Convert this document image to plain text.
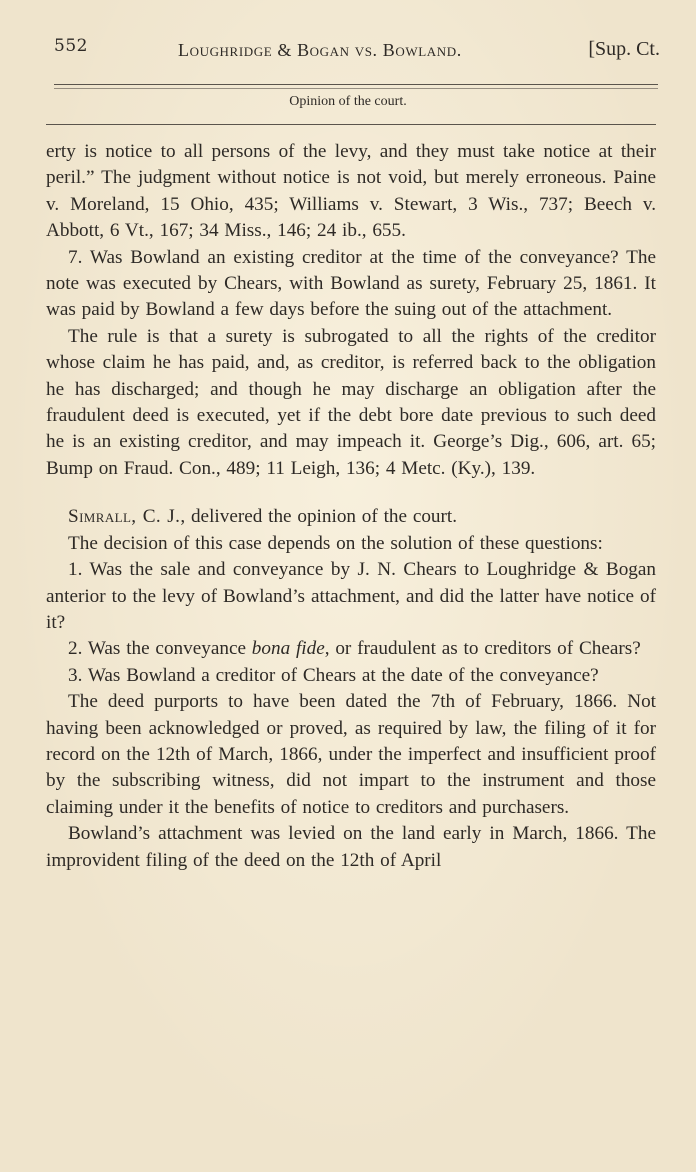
552	Loughridge & Bogan vs. Bowland.	[Sup. Ct.
Opinion of the court.

erty is notice to all persons of the levy, and they must take notice at their peril.” The judgment without notice is not void, but merely erroneous. Paine v. Moreland, 15 Ohio, 435; Williams v. Stewart, 3 Wis., 737; Beech v. Abbott, 6 Vt., 167; 34 Miss., 146; 24 ib., 655.

7. Was Bowland an existing creditor at the time of the conveyance? The note was executed by Chears, with Bowland as surety, February 25, 1861. It was paid by Bowland a few days before the suing out of the attachment.

The rule is that a surety is subrogated to all the rights of the creditor whose claim he has paid, and, as creditor, is referred back to the obligation he has discharged; and though he may discharge an obligation after the fraudulent deed is executed, yet if the debt bore date previous to such deed he is an existing creditor, and may impeach it. George’s Dig., 606, art. 65; Bump on Fraud. Con., 489; 11 Leigh, 136; 4 Metc. (Ky.), 139.

Simrall, C. J., delivered the opinion of the court.

The decision of this case depends on the solution of these questions:

1. Was the sale and conveyance by J. N. Chears to Loughridge & Bogan anterior to the levy of Bowland’s attachment, and did the latter have notice of it?

2. Was the conveyance bona fide, or fraudulent as to creditors of Chears?

3. Was Bowland a creditor of Chears at the date of the conveyance?

The deed purports to have been dated the 7th of February, 1866. Not having been acknowledged or proved, as required by law, the filing of it for record on the 12th of March, 1866, under the imperfect and insufficient proof by the subscribing witness, did not impart to the instrument and those claiming under it the benefits of notice to creditors and purchasers.

Bowland’s attachment was levied on the land early in March, 1866. The improvident filing of the deed on the 12th of April
